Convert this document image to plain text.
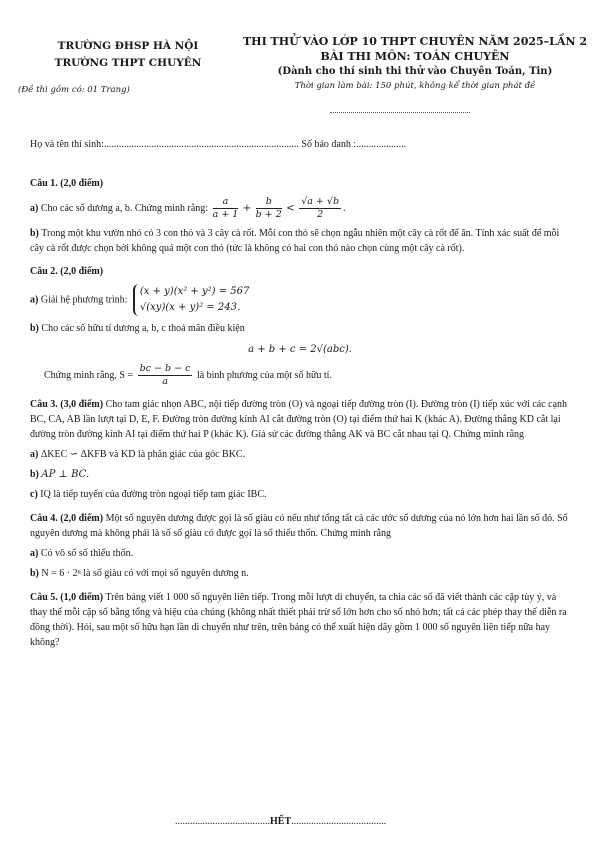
TRƯỜNG ĐHSP HÀ NỘI
TRƯỜNG THPT CHUYÊN
(Đề thi gồm có: 01 Trang)
THI THỬ VÀO LỚP 10 THPT CHUYÊN NĂM 2025–LẦN 2
BÀI THI MÔN: TOÁN CHUYÊN
(Dành cho thí sinh thi thử vào Chuyên Toán, Tin)
Thời gian làm bài: 150 phút, không kể thời gian phát đề
Họ và tên thí sinh:.............................................................................. Số báo danh :....................
Câu 1. (2,0 điểm)
a) Cho các số dương a, b. Chứng minh rằng: $\frac{a}{a + 1} + \frac{b}{b + 2} < \frac{√a + √b}{2}$ .
b) Trong một khu vườn nhỏ có 3 con thỏ và 3 cây cà rốt. Mỗi con thỏ sẽ chọn ngẫu nhiên một cây cà rốt để ăn. Tính xác suất để mỗi cây cà rốt được chọn bởi không quá một con thỏ (tức là không có hai con thỏ nào chọn cùng một cây cà rốt).
Câu 2. (2,0 điểm)
a) Giải hệ phương trình:
(x + y)(x² + y²) = 567
√(xy)(x + y)² = 243.
b) Cho các số hữu tỉ dương a, b, c thoả mãn điều kiện
a + b + c = 2√(abc).
Chứng minh rằng, $S = \frac{bc - b - c}{a}$ là bình phương của một số hữu tỉ.
Câu 3. (3,0 điểm) Cho tam giác nhọn ABC, nội tiếp đường tròn (O) và ngoại tiếp đường tròn (I). Đường tròn (I) tiếp xúc với các cạnh BC, CA, AB lần lượt tại D, E, F. Đường tròn đường kính AI cắt đường tròn (O) tại điểm thứ hai K (khác A). Đường thẳng KD cắt lại đường tròn đường kính AI tại điểm thứ hai P (khác K). Giả sử các đường thẳng AK và BC cắt nhau tại Q. Chứng minh rằng
a) ΔKEC ∽ ΔKFB và KD là phân giác của góc BKC.
b) AP ⊥ BC.
c) IQ là tiếp tuyến của đường tròn ngoại tiếp tam giác IBC.
Câu 4. (2,0 điểm) Một số nguyên dương được gọi là số giàu có nếu như tổng tất cả các ước số dương của nó lớn hơn hai lần số đó. Số nguyên dương mà không phải là số số giàu có được gọi là số thiếu thốn. Chứng minh rằng
a) Có vô số số thiếu thốn.
b) N = 6 · 2ⁿ là số giàu có với mọi số nguyên dương n.
Câu 5. (1,0 điểm) Trên bảng viết 1 000 số nguyên liên tiếp. Trong mỗi lượt di chuyển, ta chia các số đã viết thành các cặp tùy ý, và thay thế mỗi cặp số bằng tổng và hiệu của chúng (không nhất thiết phải trừ số lớn hơn cho số nhỏ hơn; tất cả các phép thay thế diễn ra đồng thời). Hỏi, sau một số hữu hạn lần di chuyển như trên, trên bảng có thể xuất hiện dãy gồm 1 000 số nguyên liên tiếp nữa hay không?
......................................HẾT......................................
